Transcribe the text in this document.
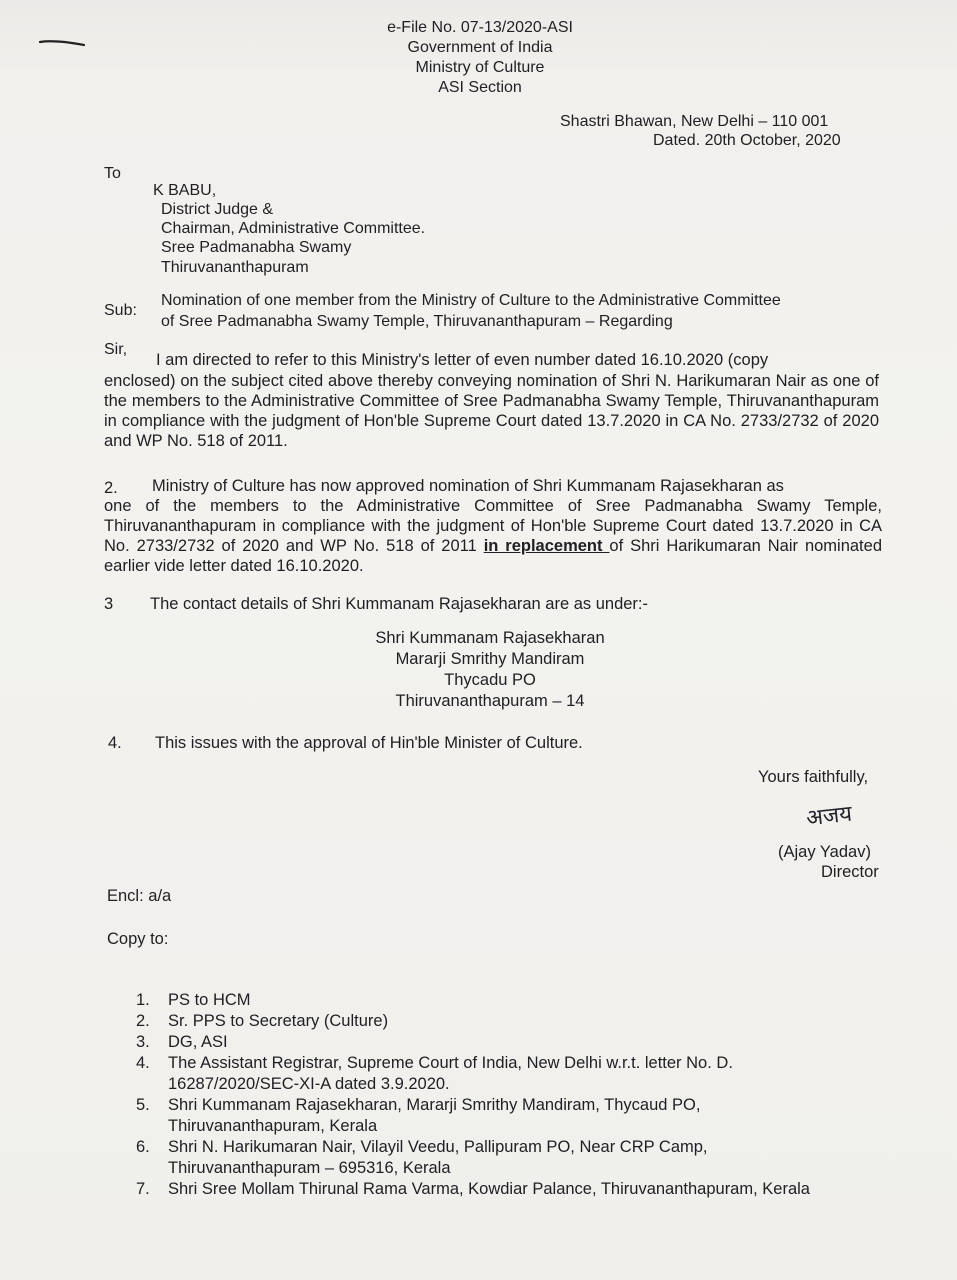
e-File No. 07-13/2020-ASI
Government of India
Ministry of Culture
ASI Section
Shastri Bhawan, New Delhi – 110 001
Dated. 20th October, 2020
To
K BABU,
District Judge &
Chairman, Administrative Committee.
Sree Padmanabha Swamy
Thiruvananthapuram
Sub:
Nomination of one member from the Ministry of Culture to the Administrative Committee
of Sree Padmanabha Swamy Temple, Thiruvananthapuram – Regarding
Sir,
I am directed to refer to this Ministry's letter of even number dated 16.10.2020 (copy
enclosed) on the subject cited above thereby conveying nomination of Shri N. Harikumaran Nair as one of the members to the Administrative Committee of Sree Padmanabha Swamy Temple, Thiruvananthapuram in compliance with the judgment of Hon'ble Supreme Court dated 13.7.2020 in CA No. 2733/2732 of 2020 and WP No. 518 of 2011.
2. Ministry of Culture has now approved nomination of Shri Kummanam Rajasekharan as
one of the members to the Administrative Committee of Sree Padmanabha Swamy Temple, Thiruvananthapuram in compliance with the judgment of Hon'ble Supreme Court dated 13.7.2020 in CA No. 2733/2732 of 2020 and WP No. 518 of 2011 in replacement of Shri Harikumaran Nair nominated earlier vide letter dated 16.10.2020.
3 The contact details of Shri Kummanam Rajasekharan are as under:-
Shri Kummanam Rajasekharan
Mararji Smrithy Mandiram
Thycadu PO
Thiruvananthapuram – 14
4. This issues with the approval of Hin'ble Minister of Culture.
Yours faithfully,
अजय
(Ajay Yadav)
Director
Encl: a/a
Copy to:
1.	PS to HCM
2.	Sr. PPS to Secretary (Culture)
3.	DG, ASI
4.	The Assistant Registrar, Supreme Court of India, New Delhi w.r.t. letter No. D. 16287/2020/SEC-XI-A dated 3.9.2020.
5.	Shri Kummanam Rajasekharan, Mararji Smrithy Mandiram, Thycaud PO, Thiruvananthapuram, Kerala
6.	Shri N. Harikumaran Nair, Vilayil Veedu, Pallipuram PO, Near CRP Camp, Thiruvananthapuram – 695316, Kerala
7.	Shri Sree Mollam Thirunal Rama Varma, Kowdiar Palance, Thiruvananthapuram, Kerala
